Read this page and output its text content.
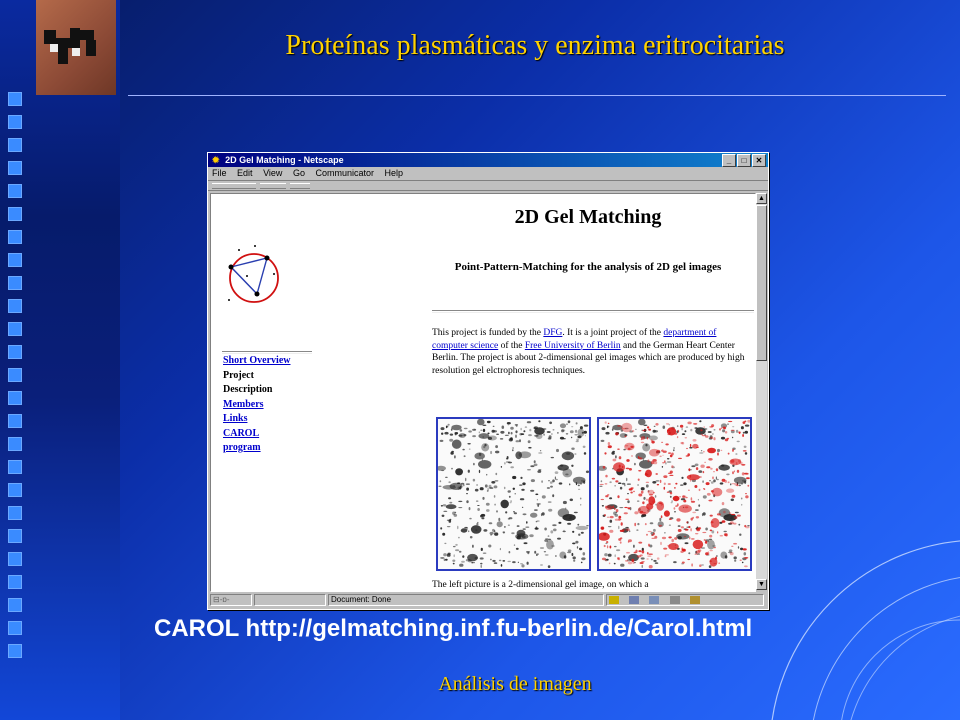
Proteínas plasmáticas y enzima eritrocitarias
✹ 2D Gel Matching - Netscape	_	□	✕
File Edit View Go Communicator Help
Short Overview
Project
Description
Members
Links
CAROL
program
2D Gel Matching
Point-Pattern-Matching for the analysis of 2D gel images
This project is funded by the DFG. It is a joint project of the department of computer science of the Free University of Berlin and the German Heart Center Berlin. The project is about 2-dimensional gel images which are produced by high resolution gel elctrophoresis techniques.
The left picture is a 2-dimensional gel image, on which a
▲
▼
⊟-ɒ-	Document: Done

CAROL http://gelmatching.inf.fu-berlin.de/Carol.html
Análisis de imagen
